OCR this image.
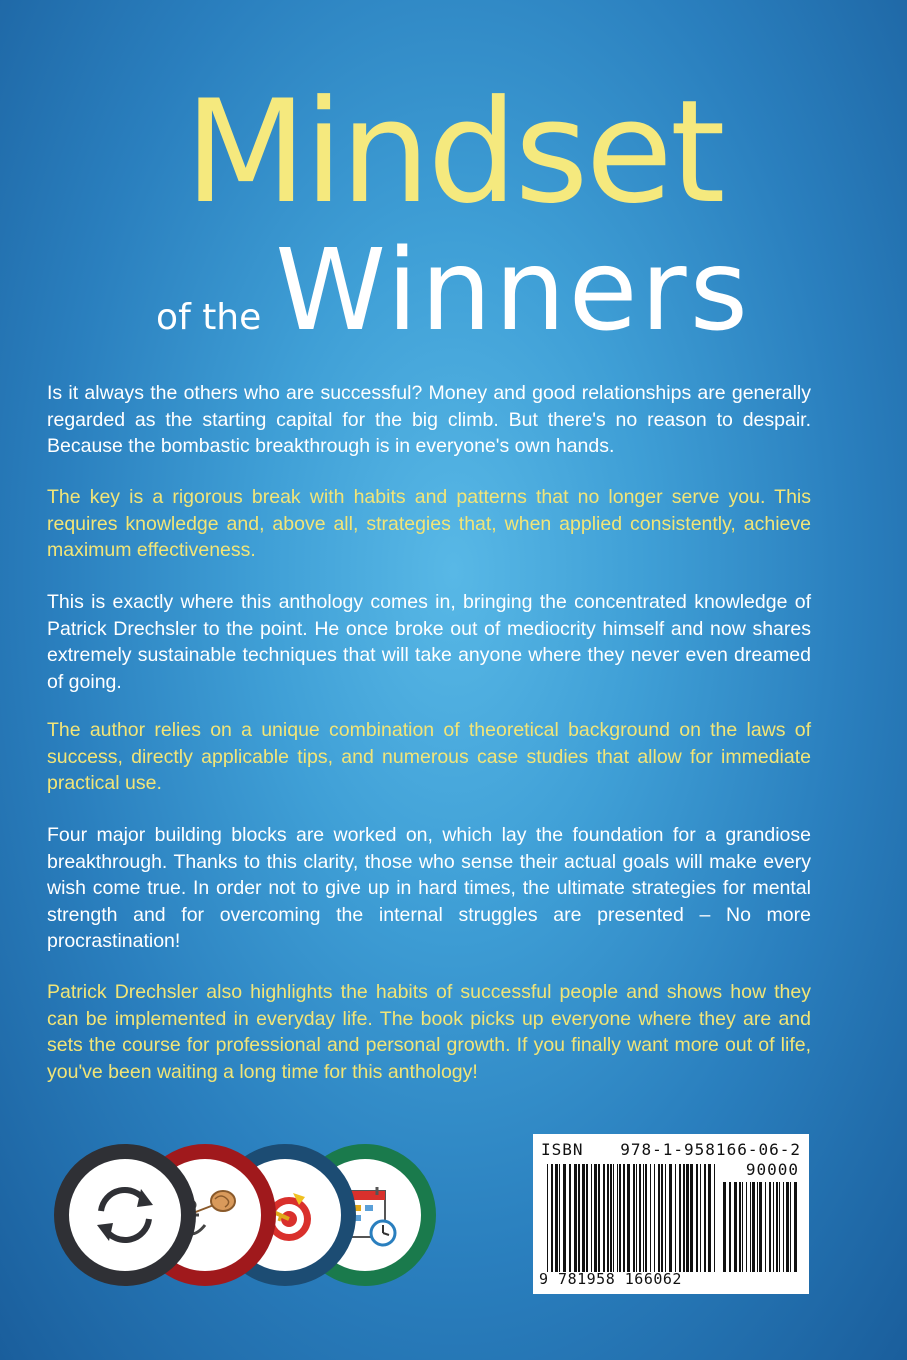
Mindset
of the Winners

Is it always the others who are successful? Money and good relationships are generally regarded as the starting capital for the big climb. But there's no reason to despair. Because the bombastic breakthrough is in everyone's own hands.

The key is a rigorous break with habits and patterns that no longer serve you. This requires knowledge and, above all, strategies that, when applied consistently, achieve maximum effectiveness.

This is exactly where this anthology comes in, bringing the concentrated knowledge of Patrick Drechsler to the point. He once broke out of mediocrity himself and now shares extremely sustainable techniques that will take anyone where they never even dreamed of going.

The author relies on a unique combination of theoretical background on the laws of success, directly applicable tips, and numerous case studies that allow for immediate practical use.

Four major building blocks are worked on, which lay the foundation for a grandiose breakthrough. Thanks to this clarity, those who sense their actual goals will make every wish come true. In order not to give up in hard times, the ultimate strategies for mental strength and for overcoming the internal struggles are presented – No more procrastination!

Patrick Drechsler also highlights the habits of successful people and shows how they can be implemented in everyday life. The book picks up everyone where they are and sets the course for professional and personal growth. If you finally want more out of life, you've been waiting a long time for this anthology!

ISBN 978-1-958166-06-2
90000
9 781958 166062
